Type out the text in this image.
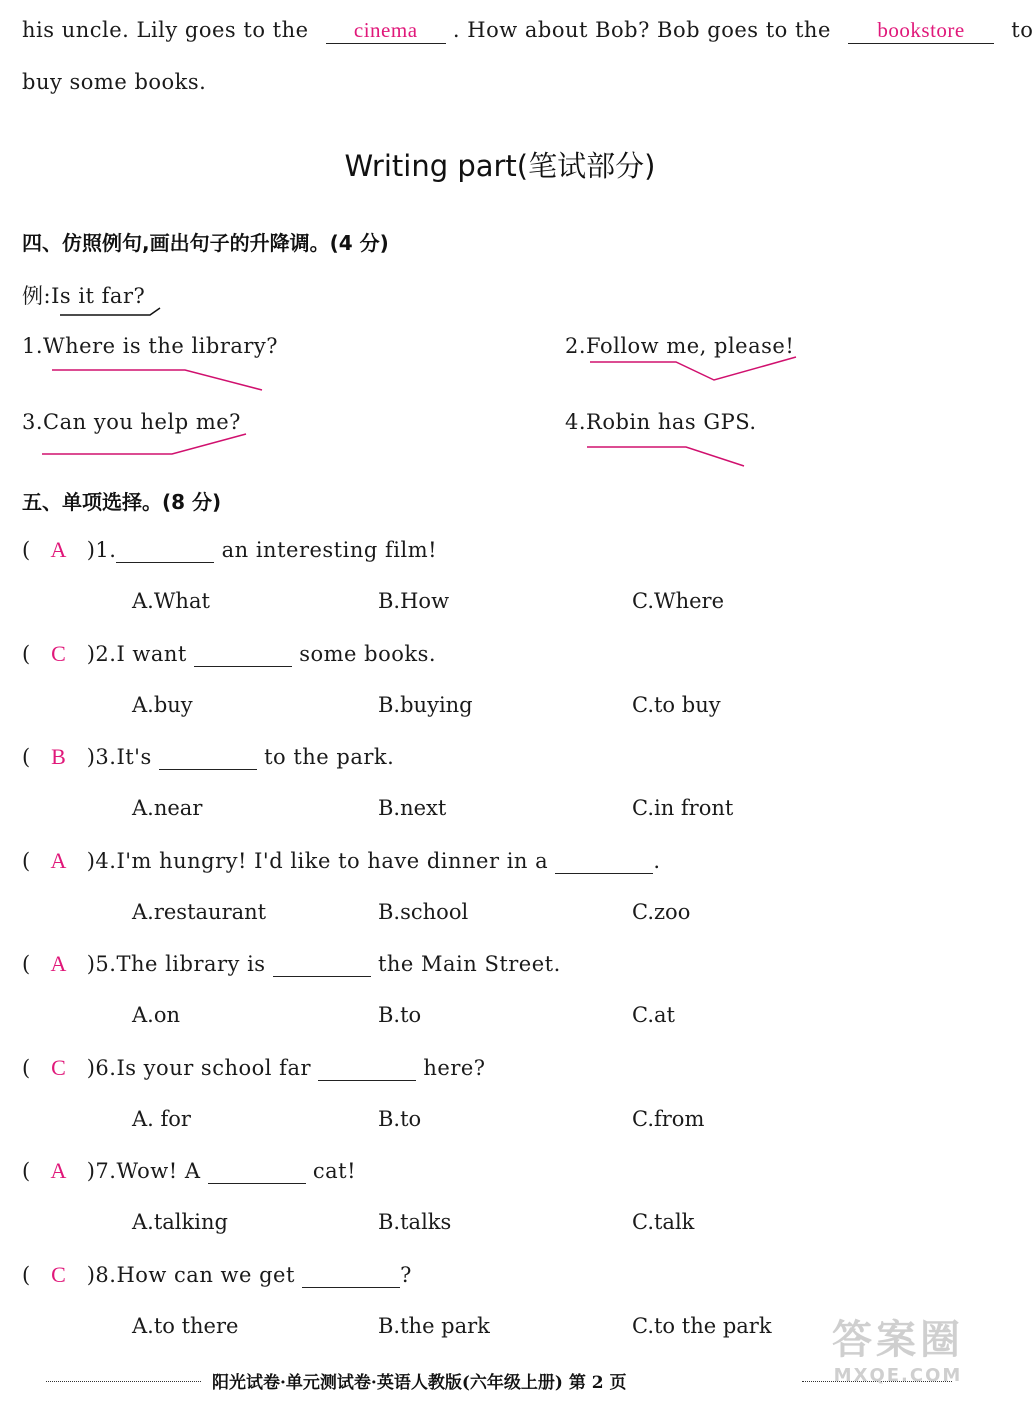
his uncle. Lily goes to the cinema . How about Bob? Bob goes to the bookstore to
buy some books.
Writing part(笔试部分)
四、仿照例句,画出句子的升降调。(4 分)
例:Is it far?
1.Where is the library?	2.Follow me, please!
3.Can you help me?	4.Robin has GPS.
五、单项选择。(8 分)
( A )1.	an interesting film!
A.What	B.How	C.Where
( C )2.I want	some books.
A.buy	B.buying	C.to buy
( B )3.It's	to the park.
A.near	B.next	C.in front
( A )4.I'm hungry! I'd like to have dinner in a	.
A.restaurant	B.school	C.zoo
( A )5.The library is	the Main Street.
A.on	B.to	C.at
( C )6.Is your school far	here?
A. for	B.to	C.from
( A )7.Wow! A	cat!
A.talking	B.talks	C.talk
( C )8.How can we get	?
A.to there	B.the park	C.to the park
阳光试卷·单元测试卷·英语人教版(六年级上册) 第 2 页
答案圈
MXQE.COM
